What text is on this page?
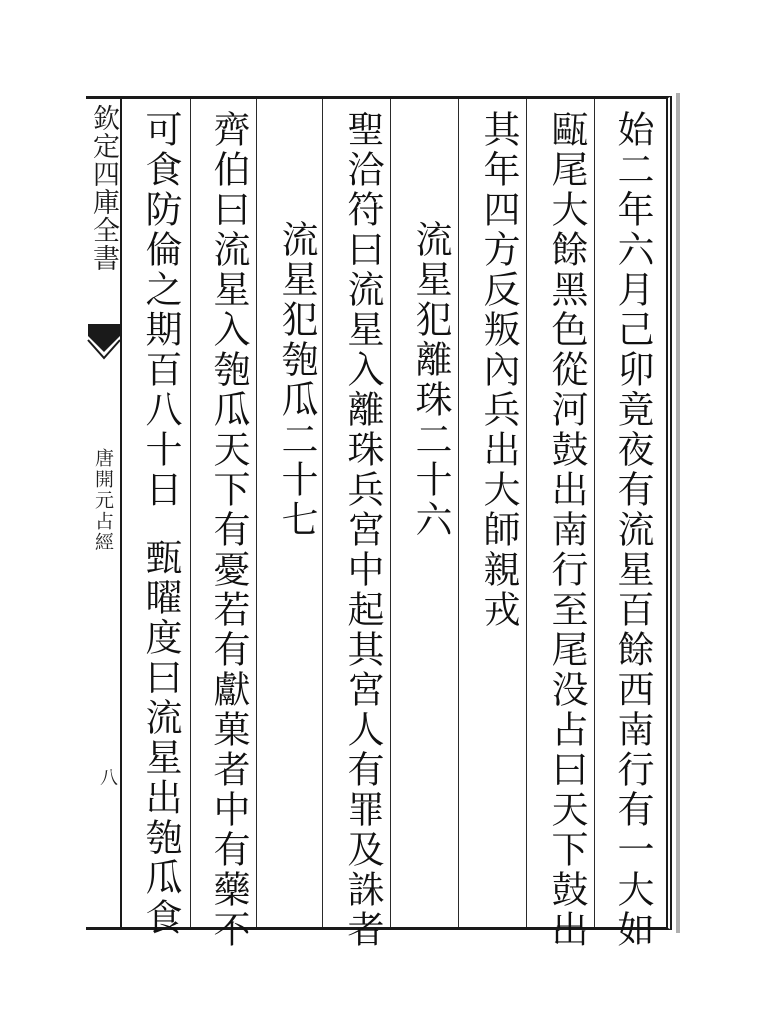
欽定四庫全書
唐開元占經
八	始二年六月己卯竟夜有流星百餘西南行有一大如
甌尾大餘黑色從河鼓出南行至尾没占曰天下鼓出
其年四方反叛內兵出大師親戎
流星犯離珠二十六
聖洽符曰流星入離珠兵宮中起其宮人有罪及誅者
流星犯匏瓜二十七
齊伯曰流星入匏瓜天下有憂若有獻菓者中有藥不
可食防倫之期百八十日甄曜度曰流星出匏瓜食
